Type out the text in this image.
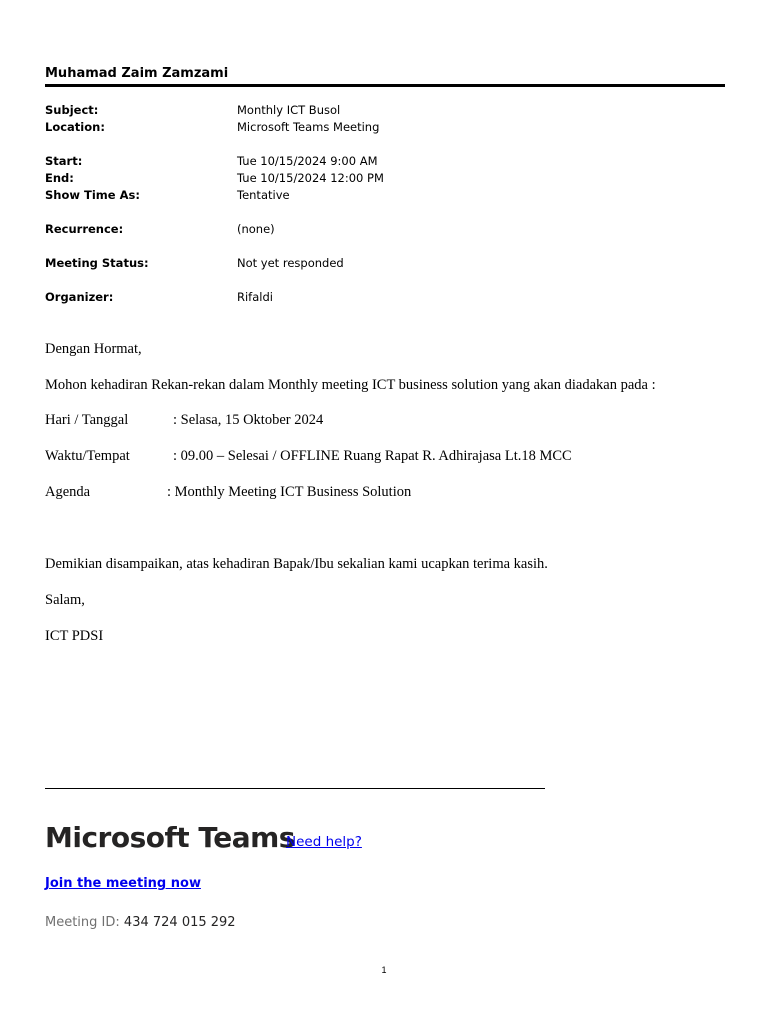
Muhamad Zaim Zamzami
Subject:	Monthly ICT Busol
Location:	Microsoft Teams Meeting
Start:	Tue 10/15/2024 9:00 AM
End:	Tue 10/15/2024 12:00 PM
Show Time As:	Tentative
Recurrence:	(none)
Meeting Status:	Not yet responded
Organizer:	Rifaldi
Dengan Hormat,
Mohon kehadiran Rekan-rekan dalam Monthly meeting ICT business solution yang akan diadakan pada :
Hari / Tanggal	: Selasa, 15 Oktober 2024
Waktu/Tempat	: 09.00 – Selesai / OFFLINE Ruang Rapat R. Adhirajasa Lt.18 MCC
Agenda	: Monthly Meeting ICT Business Solution
Demikian disampaikan, atas kehadiran Bapak/Ibu sekalian kami ucapkan terima kasih.
Salam,
ICT PDSI
Microsoft Teams
Need help?
Join the meeting now
Meeting ID: 434 724 015 292
1
